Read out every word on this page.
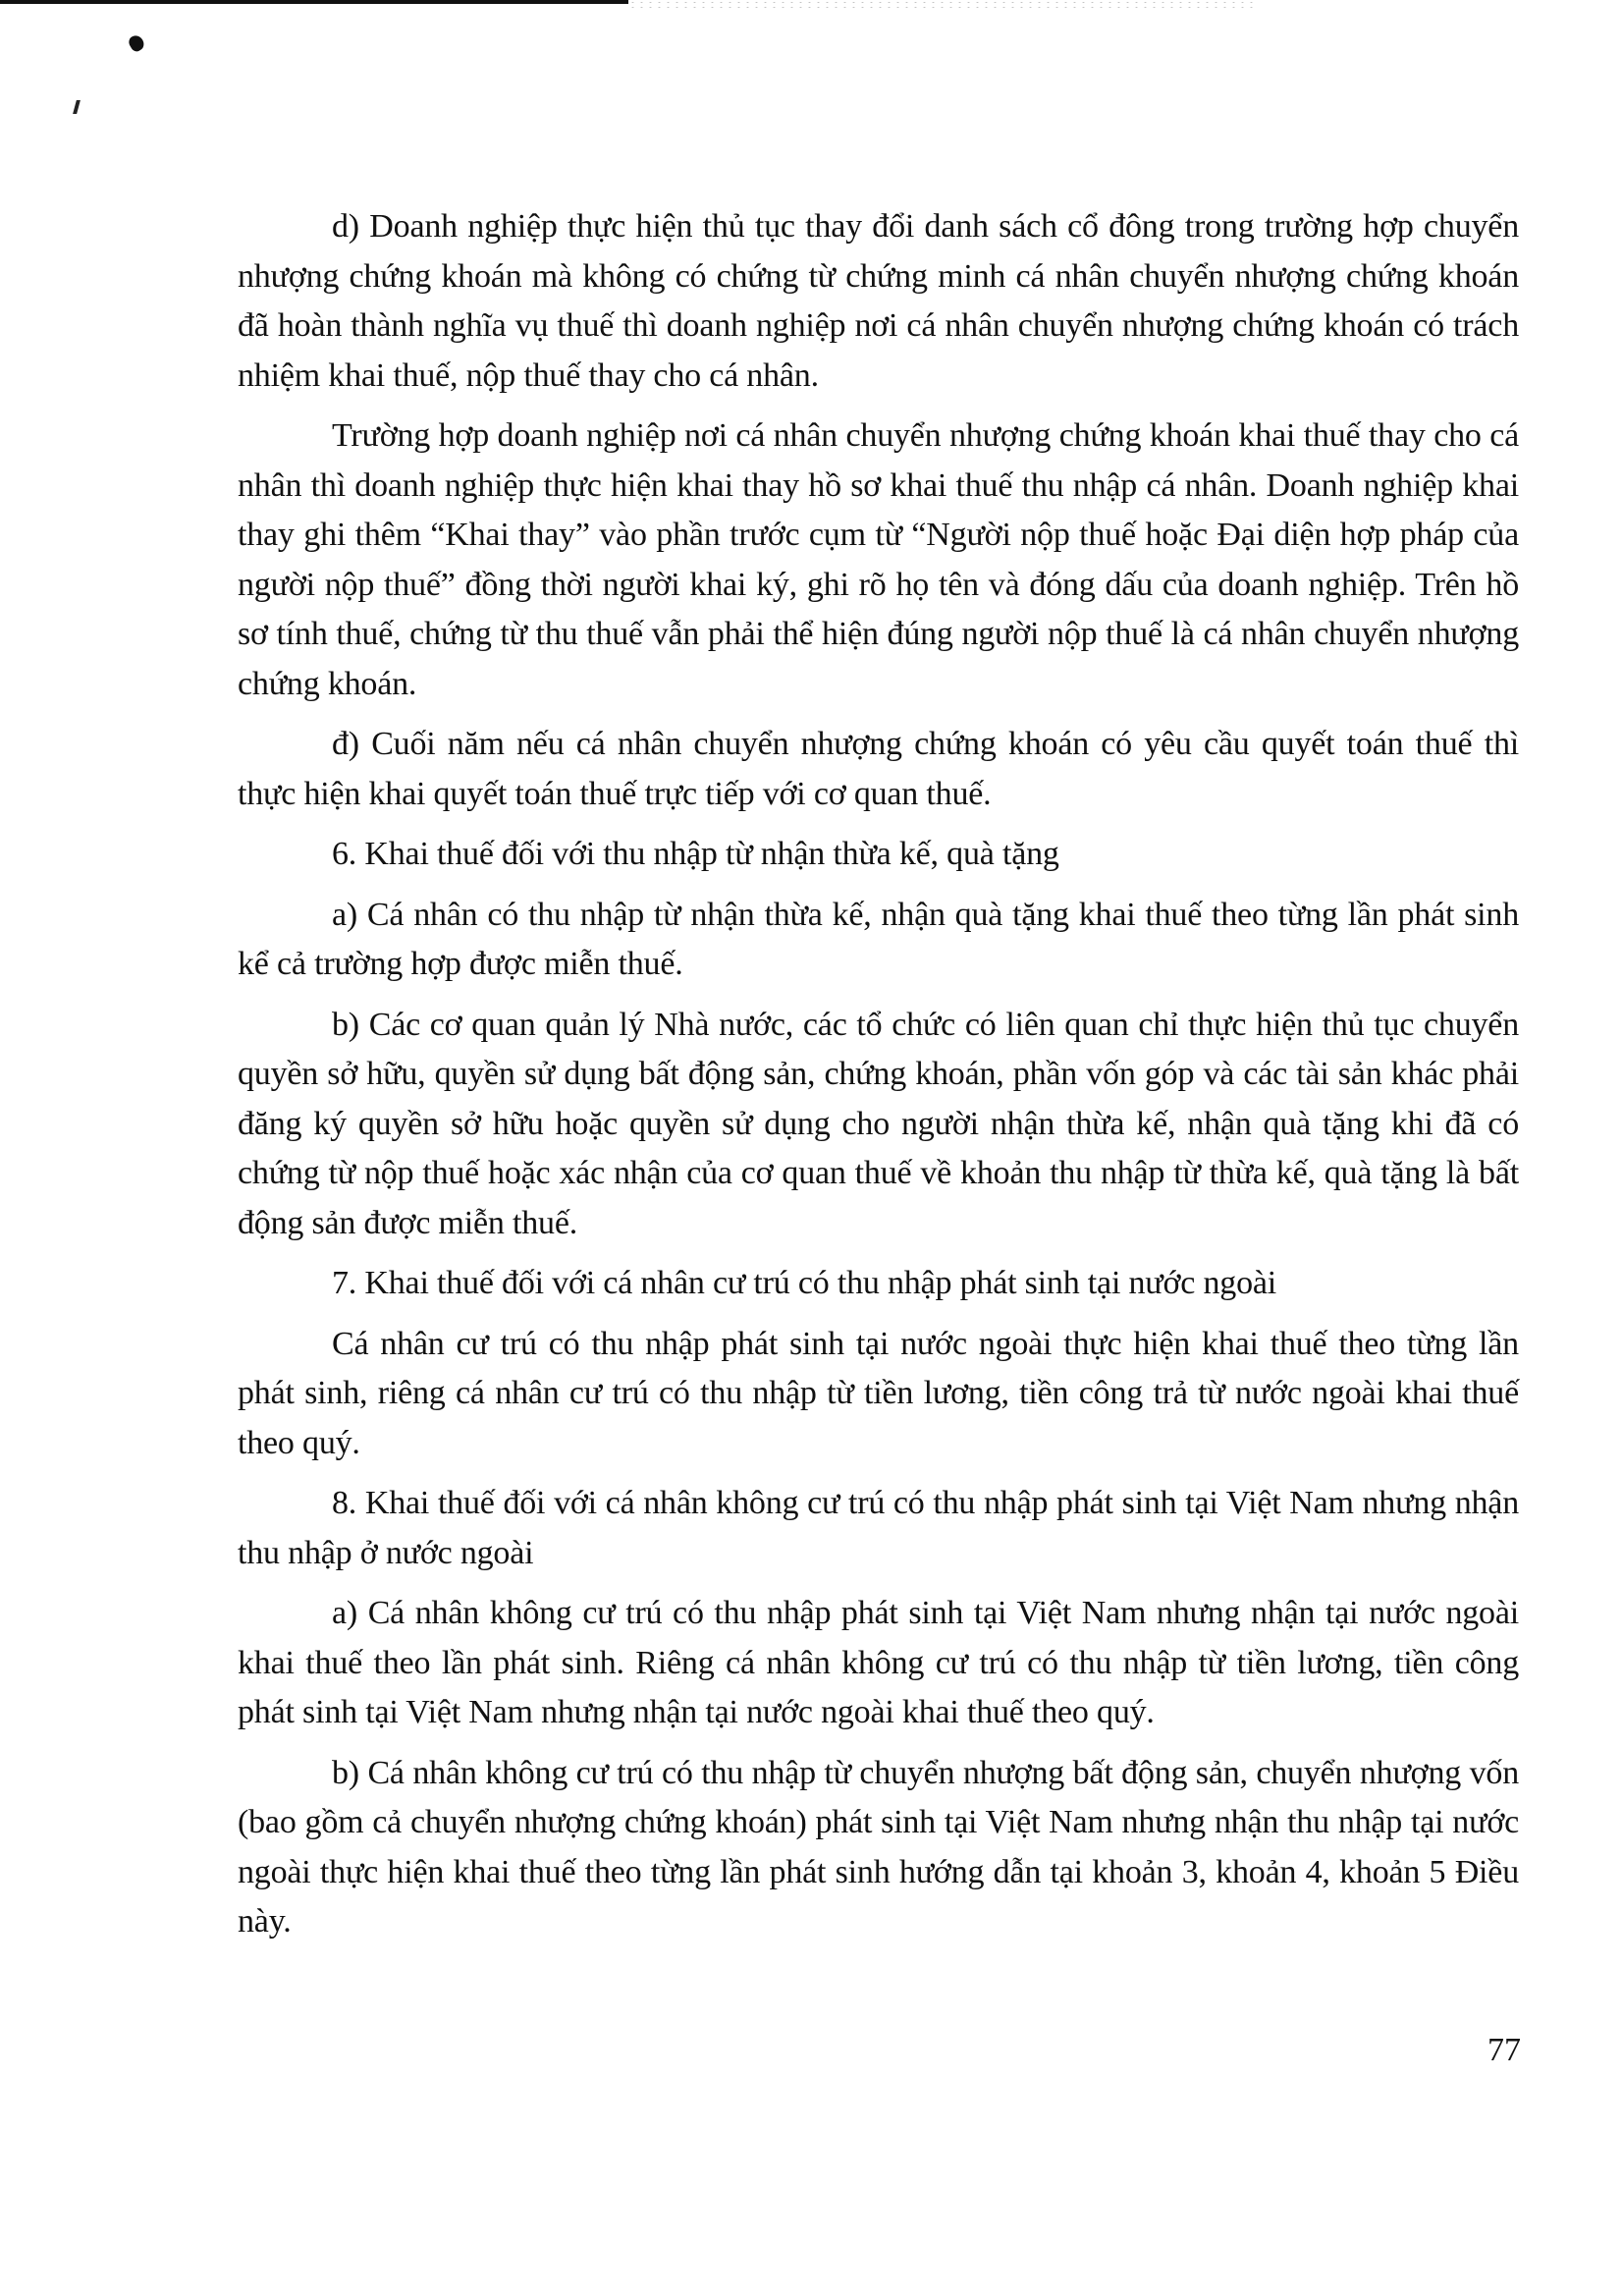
d) Doanh nghiệp thực hiện thủ tục thay đổi danh sách cổ đông trong trường hợp chuyển nhượng chứng khoán mà không có chứng từ chứng minh cá nhân chuyển nhượng chứng khoán đã hoàn thành nghĩa vụ thuế thì doanh nghiệp nơi cá nhân chuyển nhượng chứng khoán có trách nhiệm khai thuế, nộp thuế thay cho cá nhân.

Trường hợp doanh nghiệp nơi cá nhân chuyển nhượng chứng khoán khai thuế thay cho cá nhân thì doanh nghiệp thực hiện khai thay hồ sơ khai thuế thu nhập cá nhân. Doanh nghiệp khai thay ghi thêm “Khai thay” vào phần trước cụm từ “Người nộp thuế hoặc Đại diện hợp pháp của người nộp thuế” đồng thời người khai ký, ghi rõ họ tên và đóng dấu của doanh nghiệp. Trên hồ sơ tính thuế, chứng từ thu thuế vẫn phải thể hiện đúng người nộp thuế là cá nhân chuyển nhượng chứng khoán.

đ) Cuối năm nếu cá nhân chuyển nhượng chứng khoán có yêu cầu quyết toán thuế thì thực hiện khai quyết toán thuế trực tiếp với cơ quan thuế.

6. Khai thuế đối với thu nhập từ nhận thừa kế, quà tặng

a) Cá nhân có thu nhập từ nhận thừa kế, nhận quà tặng khai thuế theo từng lần phát sinh kể cả trường hợp được miễn thuế.

b) Các cơ quan quản lý Nhà nước, các tổ chức có liên quan chỉ thực hiện thủ tục chuyển quyền sở hữu, quyền sử dụng bất động sản, chứng khoán, phần vốn góp và các tài sản khác phải đăng ký quyền sở hữu hoặc quyền sử dụng cho người nhận thừa kế, nhận quà tặng khi đã có chứng từ nộp thuế hoặc xác nhận của cơ quan thuế về khoản thu nhập từ thừa kế, quà tặng là bất động sản được miễn thuế.

7. Khai thuế đối với cá nhân cư trú có thu nhập phát sinh tại nước ngoài

Cá nhân cư trú có thu nhập phát sinh tại nước ngoài thực hiện khai thuế theo từng lần phát sinh, riêng cá nhân cư trú có thu nhập từ tiền lương, tiền công trả từ nước ngoài khai thuế theo quý.

8. Khai thuế đối với cá nhân không cư trú có thu nhập phát sinh tại Việt Nam nhưng nhận thu nhập ở nước ngoài

a) Cá nhân không cư trú có thu nhập phát sinh tại Việt Nam nhưng nhận tại nước ngoài khai thuế theo lần phát sinh. Riêng cá nhân không cư trú có thu nhập từ tiền lương, tiền công phát sinh tại Việt Nam nhưng nhận tại nước ngoài khai thuế theo quý.

b) Cá nhân không cư trú có thu nhập từ chuyển nhượng bất động sản, chuyển nhượng vốn (bao gồm cả chuyển nhượng chứng khoán) phát sinh tại Việt Nam nhưng nhận thu nhập tại nước ngoài thực hiện khai thuế theo từng lần phát sinh hướng dẫn tại khoản 3, khoản 4, khoản 5 Điều này.

77
